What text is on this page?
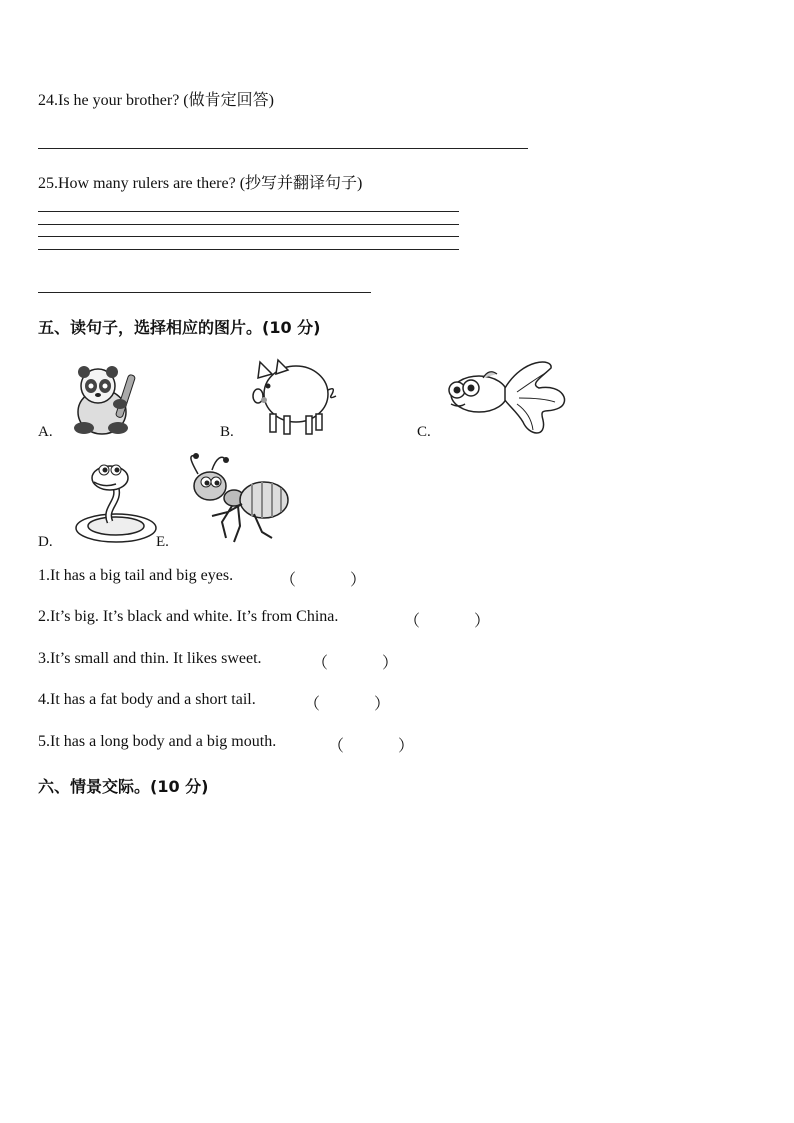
24.Is he your brother? (做肯定回答)
25.How many rulers are there? (抄写并翻译句子)
五、读句子，选择相应的图片。(10 分)
A.	B.	C.
D.	E.
1.It has a big tail and big eyes.	（	）
2.It’s big. It’s black and white. It’s from China.	（	）
3.It’s small and thin. It likes sweet.	（	）
4.It has a fat body and a short tail.	（	）
5.It has a long body and a big mouth.	（	）
六、情景交际。(10 分)
